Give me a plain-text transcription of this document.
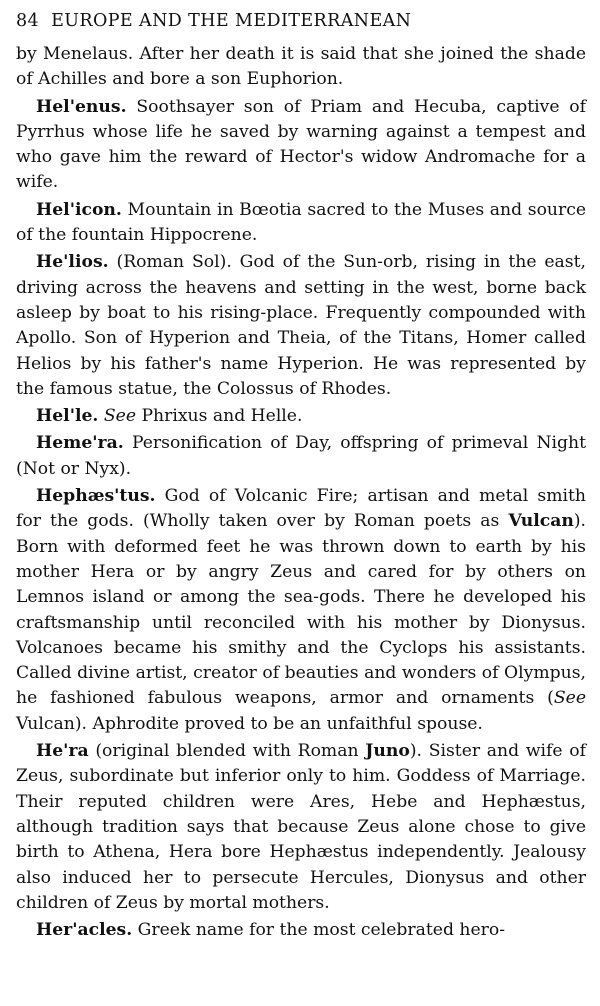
84 EUROPE AND THE MEDITERRANEAN

by Menelaus. After her death it is said that she joined the shade of Achilles and bore a son Euphorion.

Hel'enus. Soothsayer son of Priam and Hecuba, captive of Pyrrhus whose life he saved by warning against a tempest and who gave him the reward of Hector's widow Andromache for a wife.

Hel'icon. Mountain in Bœotia sacred to the Muses and source of the fountain Hippocrene.

He'lios. (Roman Sol). God of the Sun-orb, rising in the east, driving across the heavens and setting in the west, borne back asleep by boat to his rising-place. Frequently compounded with Apollo. Son of Hyperion and Theia, of the Titans, Homer called Helios by his father's name Hyperion. He was represented by the famous statue, the Colossus of Rhodes.

Hel'le. See Phrixus and Helle.

Heme'ra. Personification of Day, offspring of primeval Night (Not or Nyx).

Hephæs'tus. God of Volcanic Fire; artisan and metal smith for the gods. (Wholly taken over by Roman poets as Vulcan). Born with deformed feet he was thrown down to earth by his mother Hera or by angry Zeus and cared for by others on Lemnos island or among the sea-gods. There he developed his craftsmanship until reconciled with his mother by Dionysus. Volcanoes became his smithy and the Cyclops his assistants. Called divine artist, creator of beauties and wonders of Olympus, he fashioned fabulous weapons, armor and ornaments (See Vulcan). Aphrodite proved to be an unfaithful spouse.

He'ra (original blended with Roman Juno). Sister and wife of Zeus, subordinate but inferior only to him. Goddess of Marriage. Their reputed children were Ares, Hebe and Hephæstus, although tradition says that because Zeus alone chose to give birth to Athena, Hera bore Hephæstus independently. Jealousy also induced her to persecute Hercules, Dionysus and other children of Zeus by mortal mothers.

Her'acles. Greek name for the most celebrated hero-
